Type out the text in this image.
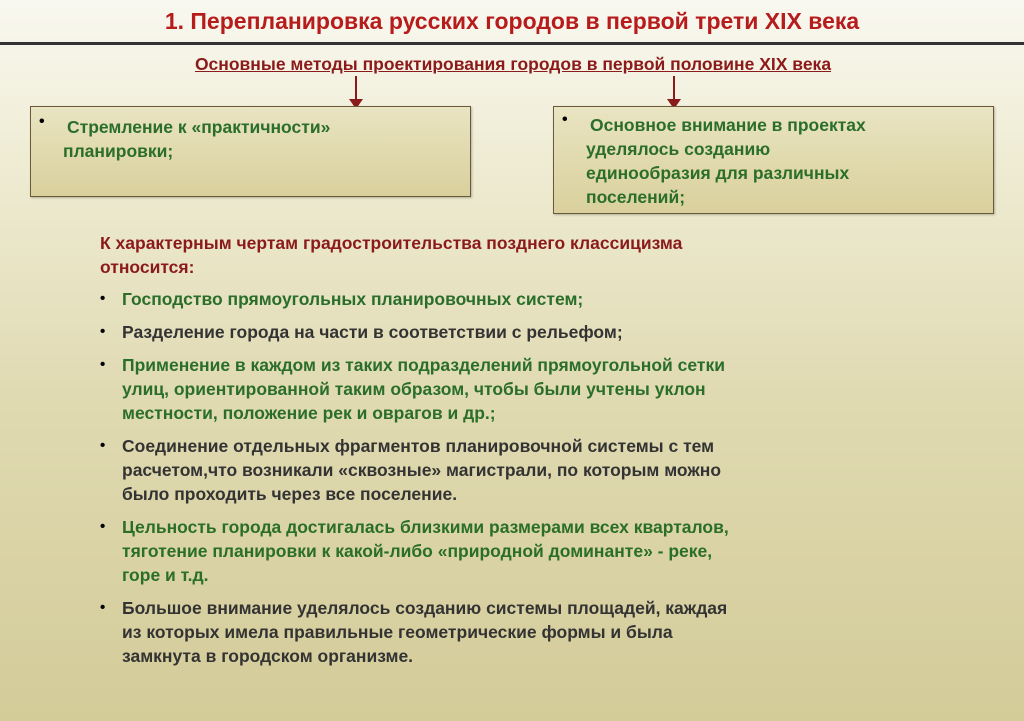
1. Перепланировка русских городов в первой трети XIX века
Основные методы проектирования городов в первой половине XIX века
• Стремление к «практичности»
планировки;
• Основное внимание в проектах
уделялось созданию
единообразия для различных
поселений;
К характерным чертам градостроительства позднего классицизма
относится:
• Господство прямоугольных планировочных систем;
• Разделение города на части в соответствии с рельефом;
• Применение в каждом из таких подразделений прямоугольной сетки
улиц, ориентированной таким образом, чтобы были учтены уклон
местности, положение рек и оврагов и др.;
• Соединение отдельных фрагментов планировочной системы с тем
расчетом,что возникали «сквозные» магистрали, по которым можно
было проходить через все поселение.
• Цельность города достигалась близкими размерами всех кварталов,
тяготение планировки к какой-либо «природной доминанте» - реке,
горе и т.д.
• Большое внимание уделялось созданию системы площадей, каждая
из которых имела правильные геометрические формы и была
замкнута в городском организме.
